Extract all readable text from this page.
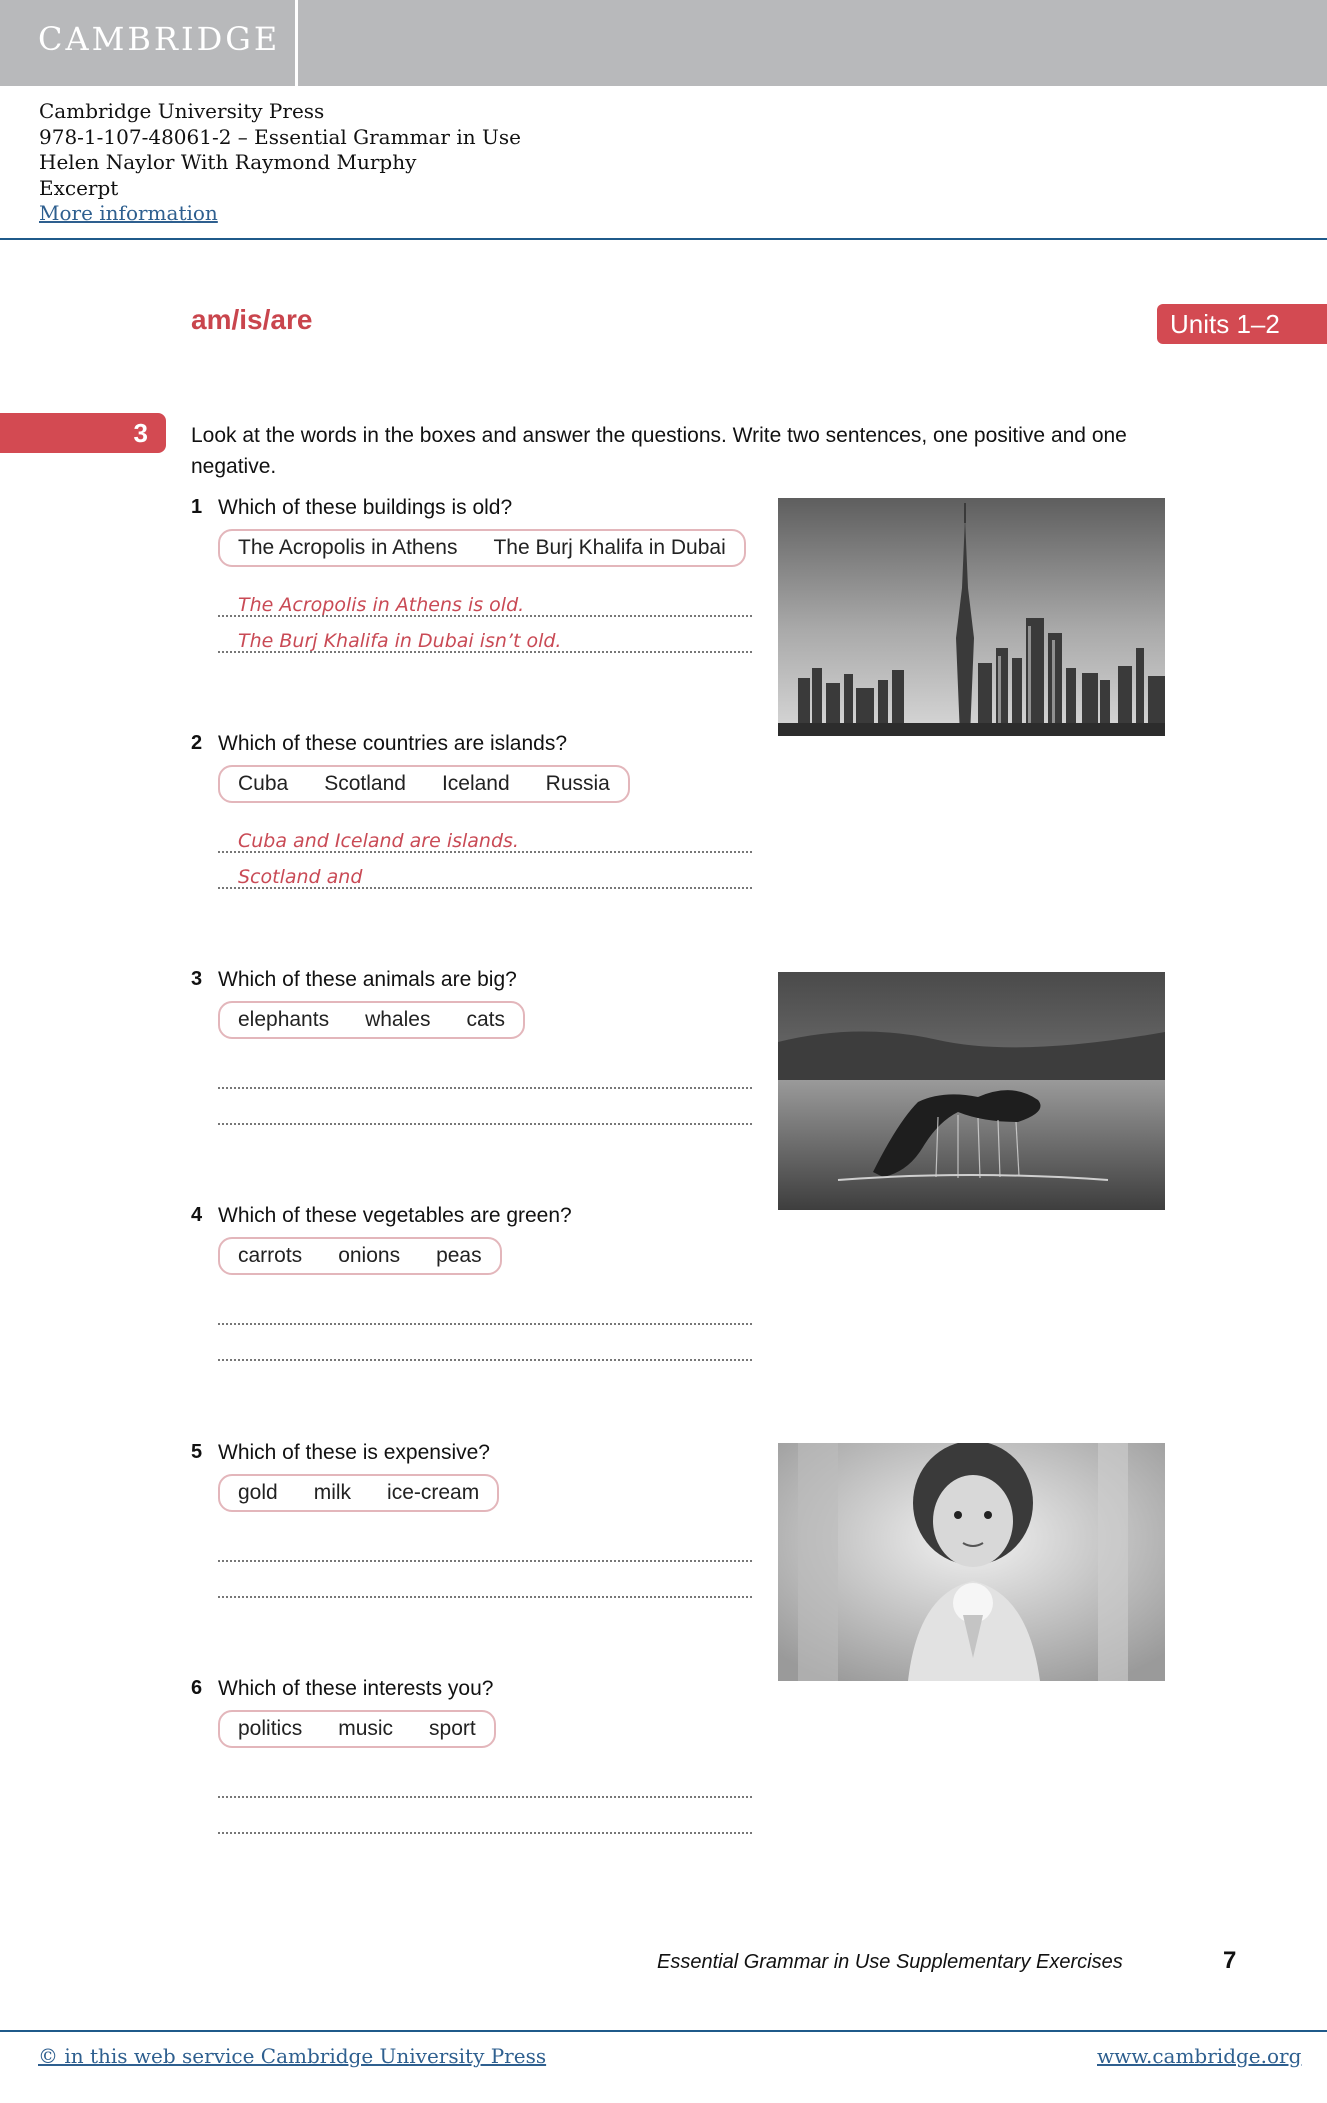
CAMBRIDGE
Cambridge University Press
978-1-107-48061-2 – Essential Grammar in Use
Helen Naylor With Raymond Murphy
Excerpt
More information
am/is/are	Units 1–2
3	Look at the words in the boxes and answer the questions. Write two sentences, one positive and one negative.
1 Which of these buildings is old?
The Acropolis in Athens The Burj Khalifa in Dubai
The Acropolis in Athens is old.
The Burj Khalifa in Dubai isn’t old.
2 Which of these countries are islands?
Cuba Scotland Iceland Russia
Cuba and Iceland are islands.
Scotland and
3 Which of these animals are big?
elephants whales cats
4 Which of these vegetables are green?
carrots onions peas
5 Which of these is expensive?
gold milk ice-cream
6 Which of these interests you?
politics music sport
Essential Grammar in Use Supplementary Exercises	7
© in this web service Cambridge University Press	www.cambridge.org
